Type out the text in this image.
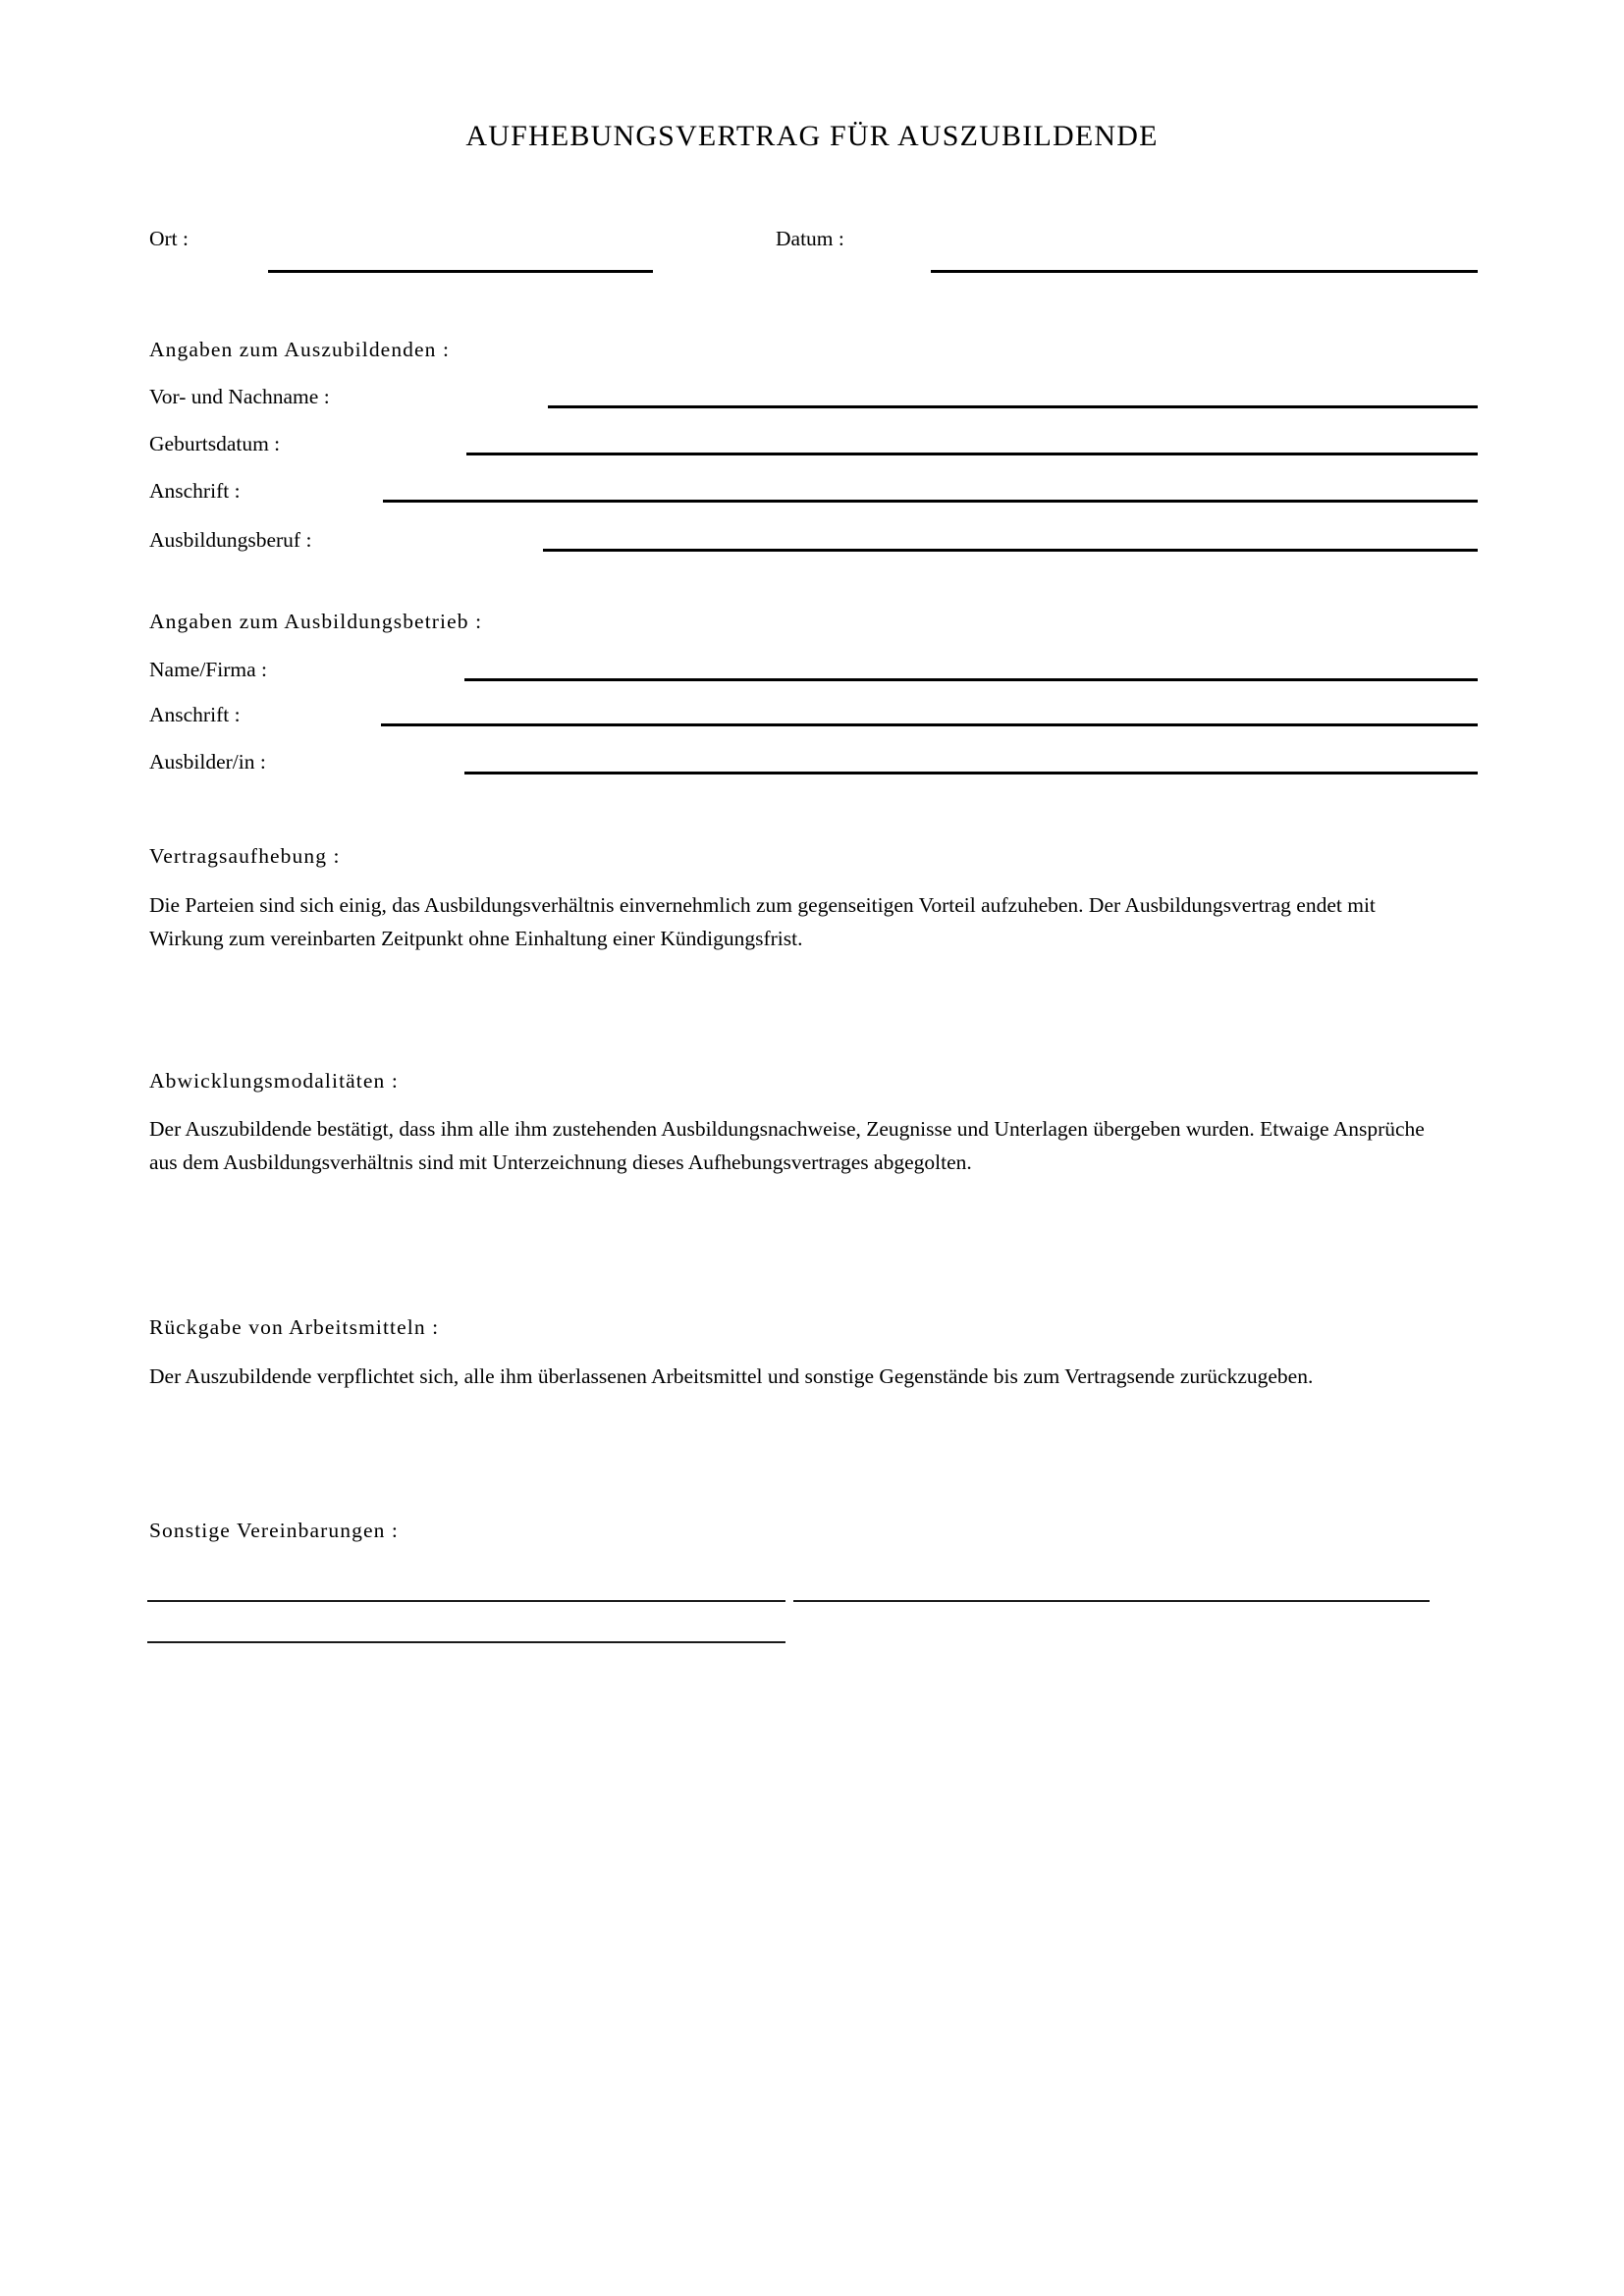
AUFHEBUNGSVERTRAG FÜR AUSZUBILDENDE
Ort :	Datum :
Angaben zum Auszubildenden :
Vor- und Nachname :
Geburtsdatum :
Anschrift :
Ausbildungsberuf :
Angaben zum Ausbildungsbetrieb :
Name/Firma :
Anschrift :
Ausbilder/in :
Vertragsaufhebung :
Die Parteien sind sich einig, das Ausbildungsverhältnis einvernehmlich zum gegenseitigen Vorteil aufzuheben. Der Ausbildungsvertrag endet mit Wirkung zum vereinbarten Zeitpunkt ohne Einhaltung einer Kündigungsfrist.
Abwicklungsmodalitäten :
Der Auszubildende bestätigt, dass ihm alle ihm zustehenden Ausbildungsnachweise, Zeugnisse und Unterlagen übergeben wurden. Etwaige Ansprüche aus dem Ausbildungsverhältnis sind mit Unterzeichnung dieses Aufhebungsvertrages abgegolten.
Rückgabe von Arbeitsmitteln :
Der Auszubildende verpflichtet sich, alle ihm überlassenen Arbeitsmittel und sonstige Gegenstände bis zum Vertragsende zurückzugeben.
Sonstige Vereinbarungen :
